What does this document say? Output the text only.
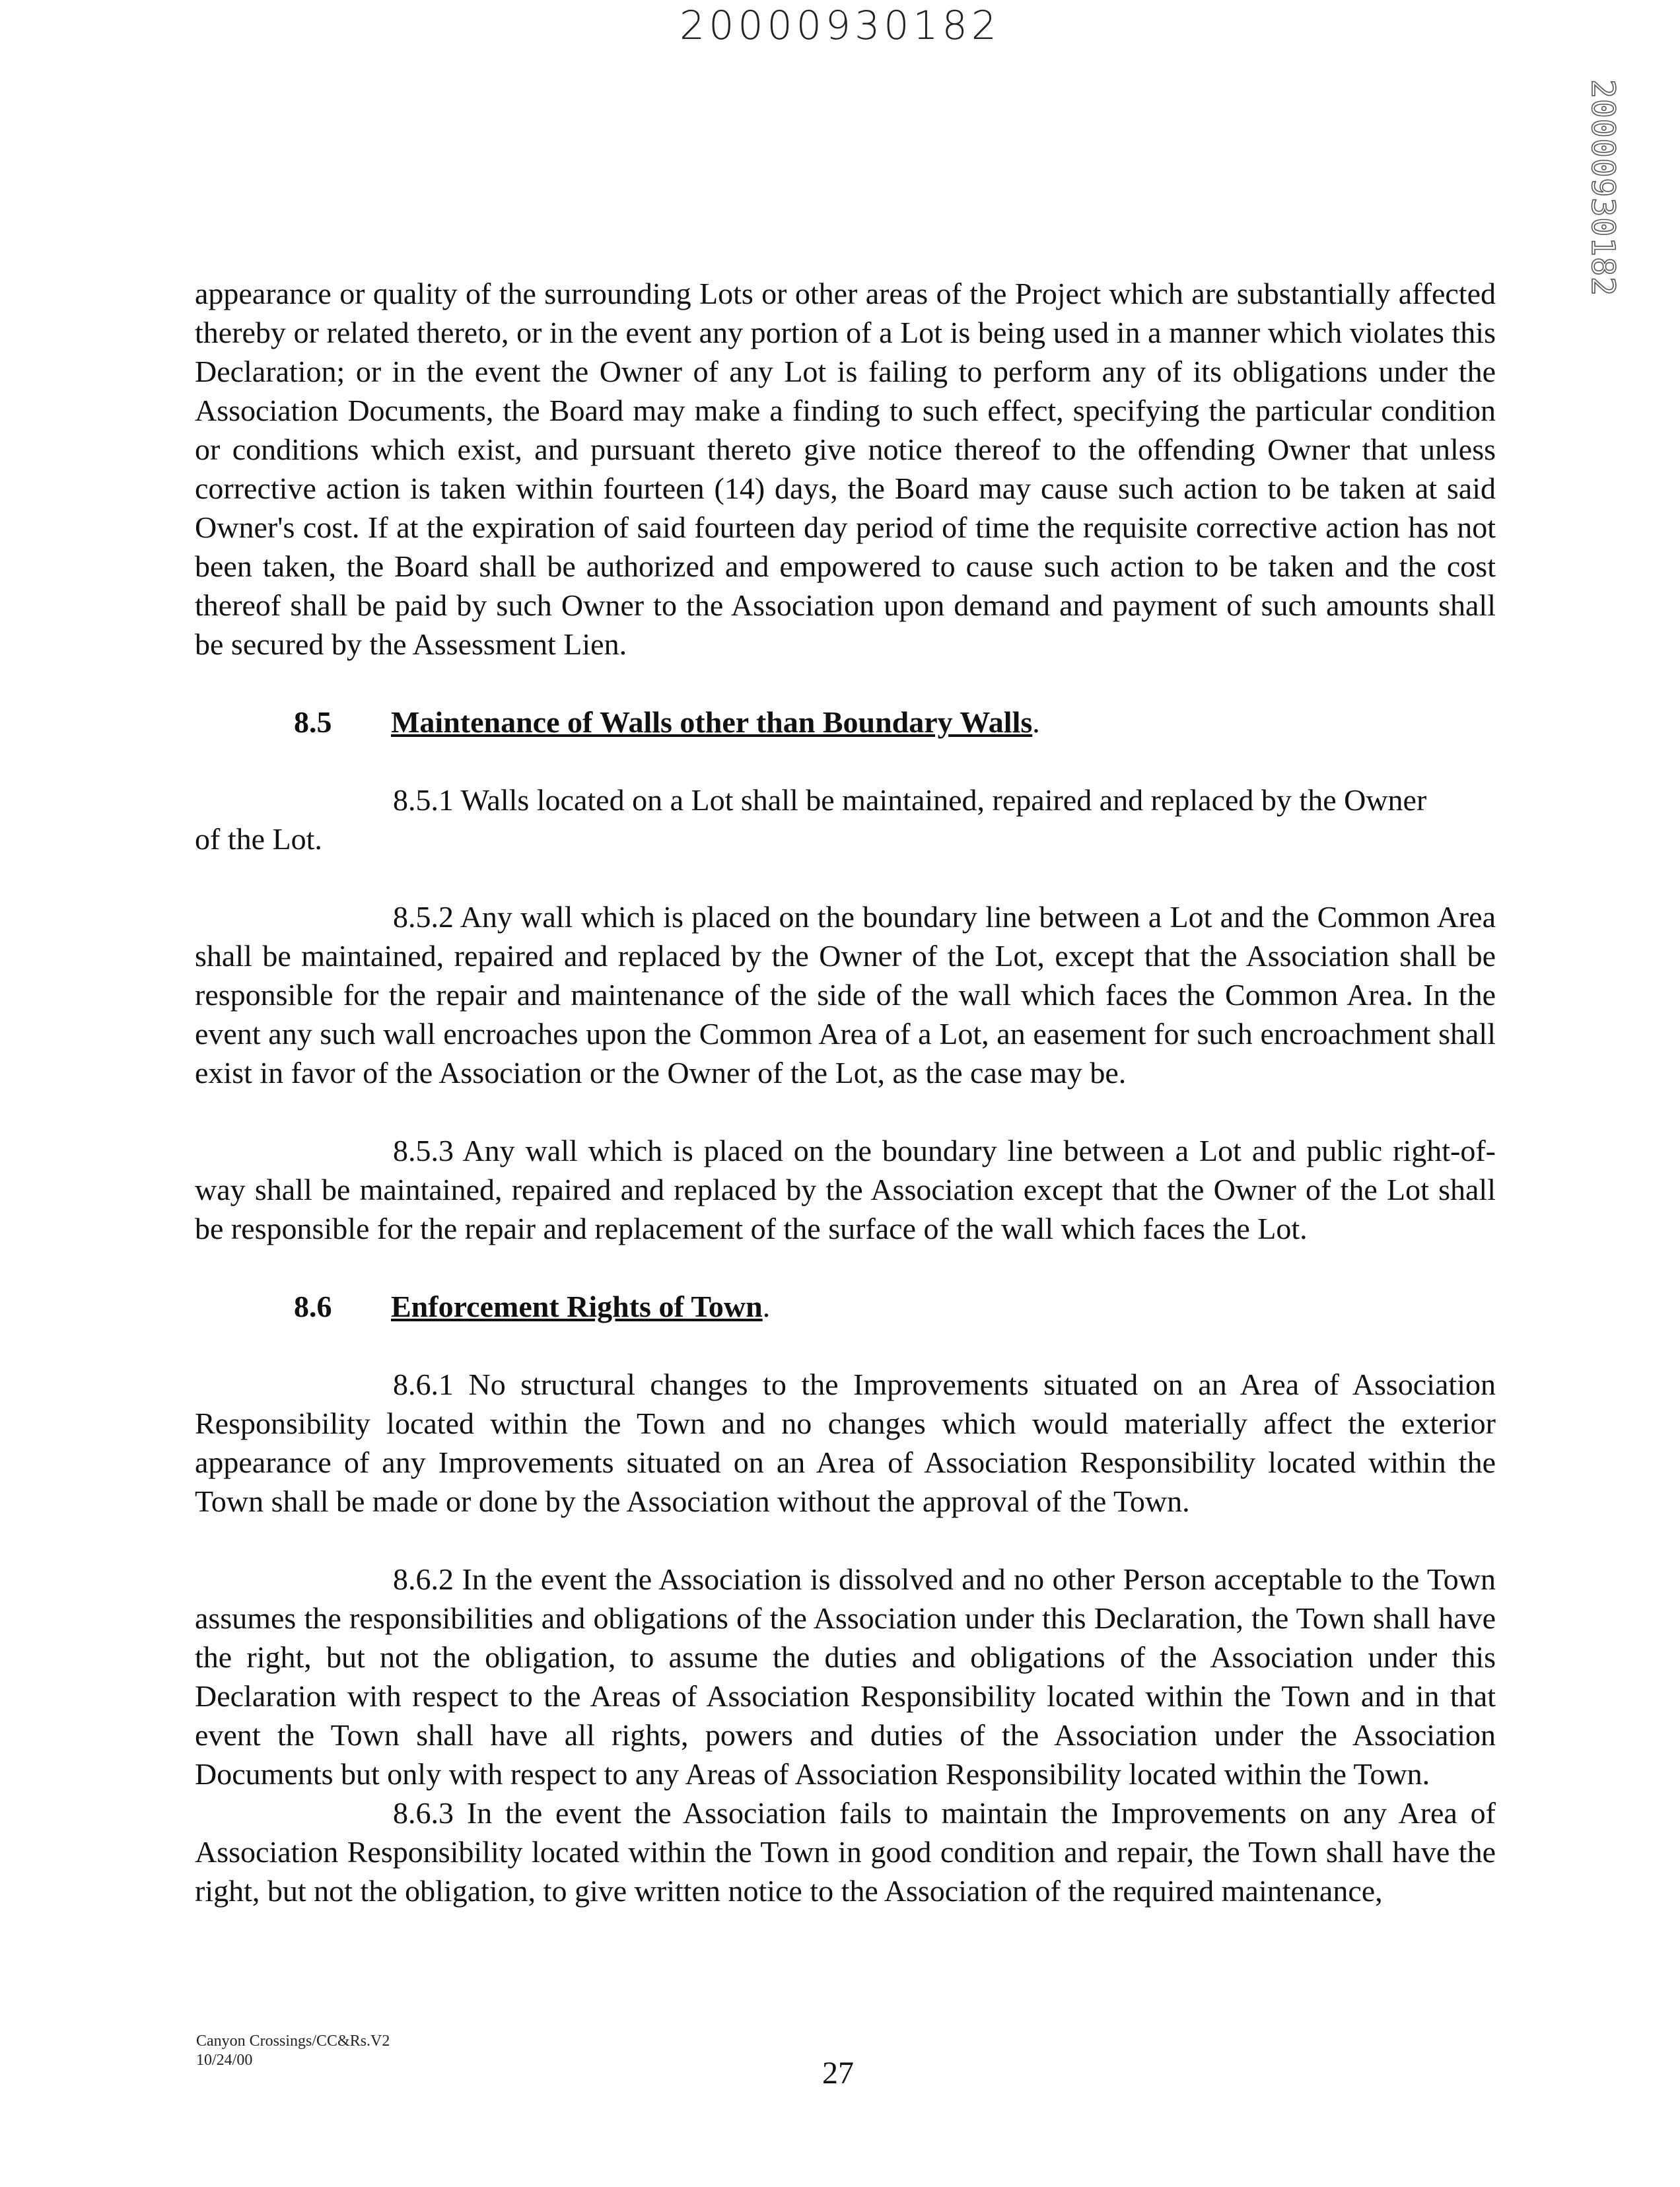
20000930182
20000930182

appearance or quality of the surrounding Lots or other areas of the Project which are substantially affected thereby or related thereto, or in the event any portion of a Lot is being used in a manner which violates this Declaration; or in the event the Owner of any Lot is failing to perform any of its obligations under the Association Documents, the Board may make a finding to such effect, specifying the particular condition or conditions which exist, and pursuant thereto give notice thereof to the offending Owner that unless corrective action is taken within fourteen (14) days, the Board may cause such action to be taken at said Owner's cost. If at the expiration of said fourteen day period of time the requisite corrective action has not been taken, the Board shall be authorized and empowered to cause such action to be taken and the cost thereof shall be paid by such Owner to the Association upon demand and payment of such amounts shall be secured by the Assessment Lien.

8.5	Maintenance of Walls other than Boundary Walls.
8.5.1 Walls located on a Lot shall be maintained, repaired and replaced by the Owner
of the Lot.

8.5.2 Any wall which is placed on the boundary line between a Lot and the Common Area shall be maintained, repaired and replaced by the Owner of the Lot, except that the Association shall be responsible for the repair and maintenance of the side of the wall which faces the Common Area. In the event any such wall encroaches upon the Common Area of a Lot, an easement for such encroachment shall exist in favor of the Association or the Owner of the Lot, as the case may be.

8.5.3 Any wall which is placed on the boundary line between a Lot and public right-of-way shall be maintained, repaired and replaced by the Association except that the Owner of the Lot shall be responsible for the repair and replacement of the surface of the wall which faces the Lot.

8.6	Enforcement Rights of Town.

8.6.1 No structural changes to the Improvements situated on an Area of Association Responsibility located within the Town and no changes which would materially affect the exterior appearance of any Improvements situated on an Area of Association Responsibility located within the Town shall be made or done by the Association without the approval of the Town.

8.6.2 In the event the Association is dissolved and no other Person acceptable to the Town assumes the responsibilities and obligations of the Association under this Declaration, the Town shall have the right, but not the obligation, to assume the duties and obligations of the Association under this Declaration with respect to the Areas of Association Responsibility located within the Town and in that event the Town shall have all rights, powers and duties of the Association under the Association Documents but only with respect to any Areas of Association Responsibility located within the Town.

8.6.3 In the event the Association fails to maintain the Improvements on any Area of Association Responsibility located within the Town in good condition and repair, the Town shall have the right, but not the obligation, to give written notice to the Association of the required maintenance,

Canyon Crossings/CC&Rs.V2
10/24/00	27
